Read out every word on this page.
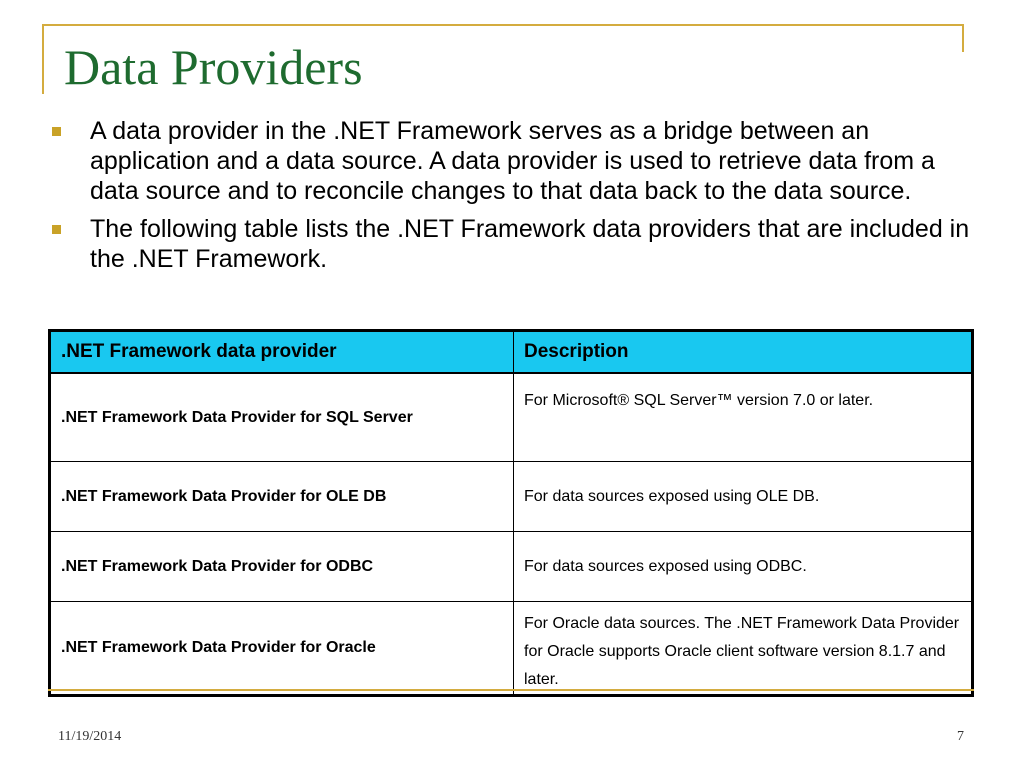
Data Providers
A data provider in the .NET Framework serves as a bridge between an application and a data source. A data provider is used to retrieve data from a data source and to reconcile changes to that data back to the data source.
The following table lists the .NET Framework data providers that are included in the .NET Framework.
.NET Framework data provider	Description
.NET Framework Data Provider for SQL Server	For Microsoft® SQL Server™ version 7.0 or later.
.NET Framework Data Provider for OLE DB	For data sources exposed using OLE DB.
.NET Framework Data Provider for ODBC	For data sources exposed using ODBC.
.NET Framework Data Provider for Oracle	For Oracle data sources. The .NET Framework Data Provider for Oracle supports Oracle client software version 8.1.7 and later.
11/19/2014	7
